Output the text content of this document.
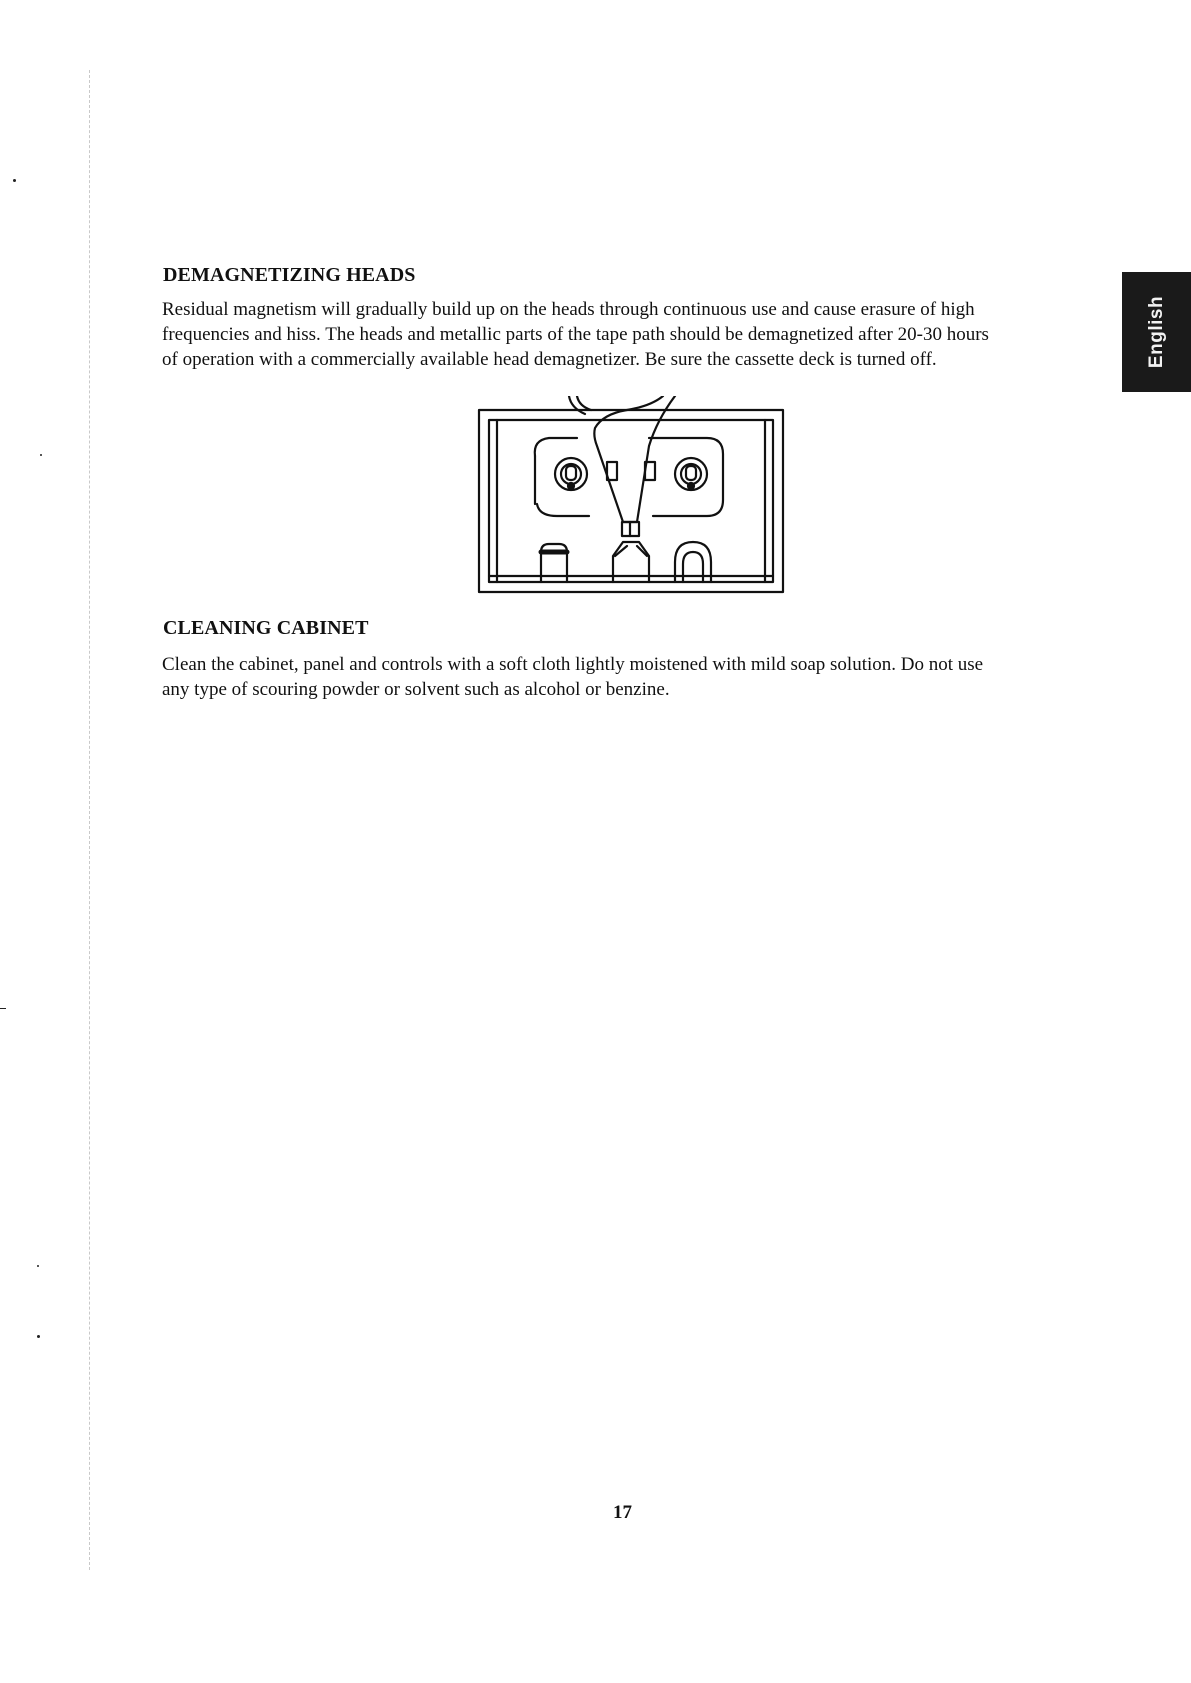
English
DEMAGNETIZING HEADS

Residual magnetism will gradually build up on the heads through continuous use and cause erasure of high
frequencies and hiss. The heads and metallic parts of the tape path should be demagnetized after 20-30 hours
of operation with a commercially available head demagnetizer. Be sure the cassette deck is turned off.

CLEANING CABINET

Clean the cabinet, panel and controls with a soft cloth lightly moistened with mild soap solution. Do not use
any type of scouring powder or solvent such as alcohol or benzine.

17
